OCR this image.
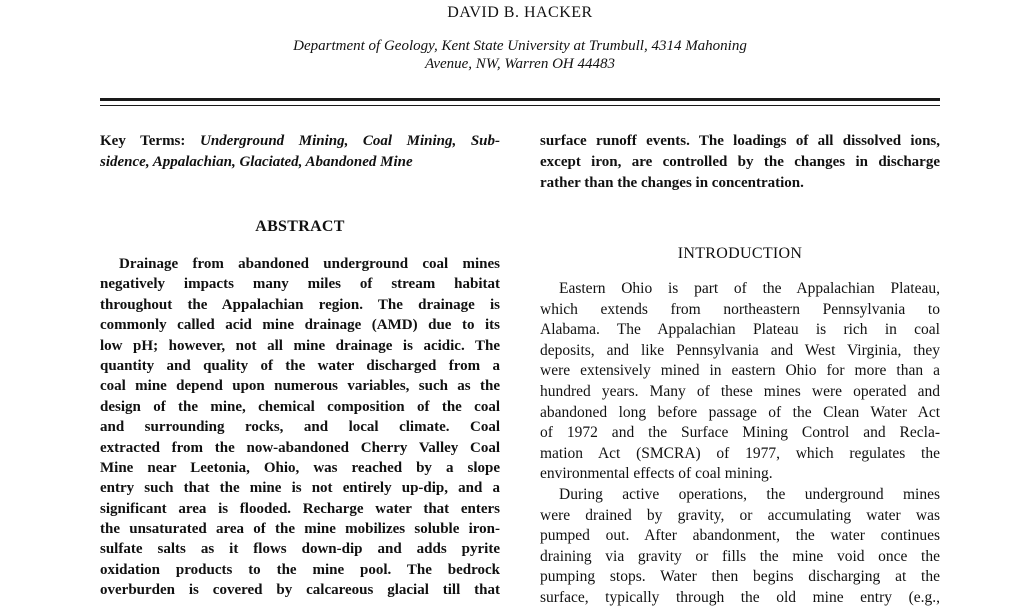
DAVID B. HACKER
Department of Geology, Kent State University at Trumbull, 4314 Mahoning
Avenue, NW, Warren OH 44483
Key Terms: Underground Mining, Coal Mining, Sub-
sidence, Appalachian, Glaciated, Abandoned Mine
ABSTRACT
Drainage from abandoned underground coal mines
negatively impacts many miles of stream habitat
throughout the Appalachian region. The drainage is
commonly called acid mine drainage (AMD) due to its
low pH; however, not all mine drainage is acidic. The
quantity and quality of the water discharged from a
coal mine depend upon numerous variables, such as the
design of the mine, chemical composition of the coal
and surrounding rocks, and local climate. Coal
extracted from the now-abandoned Cherry Valley Coal
Mine near Leetonia, Ohio, was reached by a slope
entry such that the mine is not entirely up-dip, and a
significant area is flooded. Recharge water that enters
the unsaturated area of the mine mobilizes soluble iron-
sulfate salts as it flows down-dip and adds pyrite
oxidation products to the mine pool. The bedrock
overburden is covered by calcareous glacial till that
surface runoff events. The loadings of all dissolved ions,
except iron, are controlled by the changes in discharge
rather than the changes in concentration.
INTRODUCTION
Eastern Ohio is part of the Appalachian Plateau,
which extends from northeastern Pennsylvania to
Alabama. The Appalachian Plateau is rich in coal
deposits, and like Pennsylvania and West Virginia, they
were extensively mined in eastern Ohio for more than a
hundred years. Many of these mines were operated and
abandoned long before passage of the Clean Water Act
of 1972 and the Surface Mining Control and Recla-
mation Act (SMCRA) of 1977, which regulates the
environmental effects of coal mining.
During active operations, the underground mines
were drained by gravity, or accumulating water was
pumped out. After abandonment, the water continues
draining via gravity or fills the mine void once the
pumping stops. Water then begins discharging at the
surface, typically through the old mine entry (e.g.,
